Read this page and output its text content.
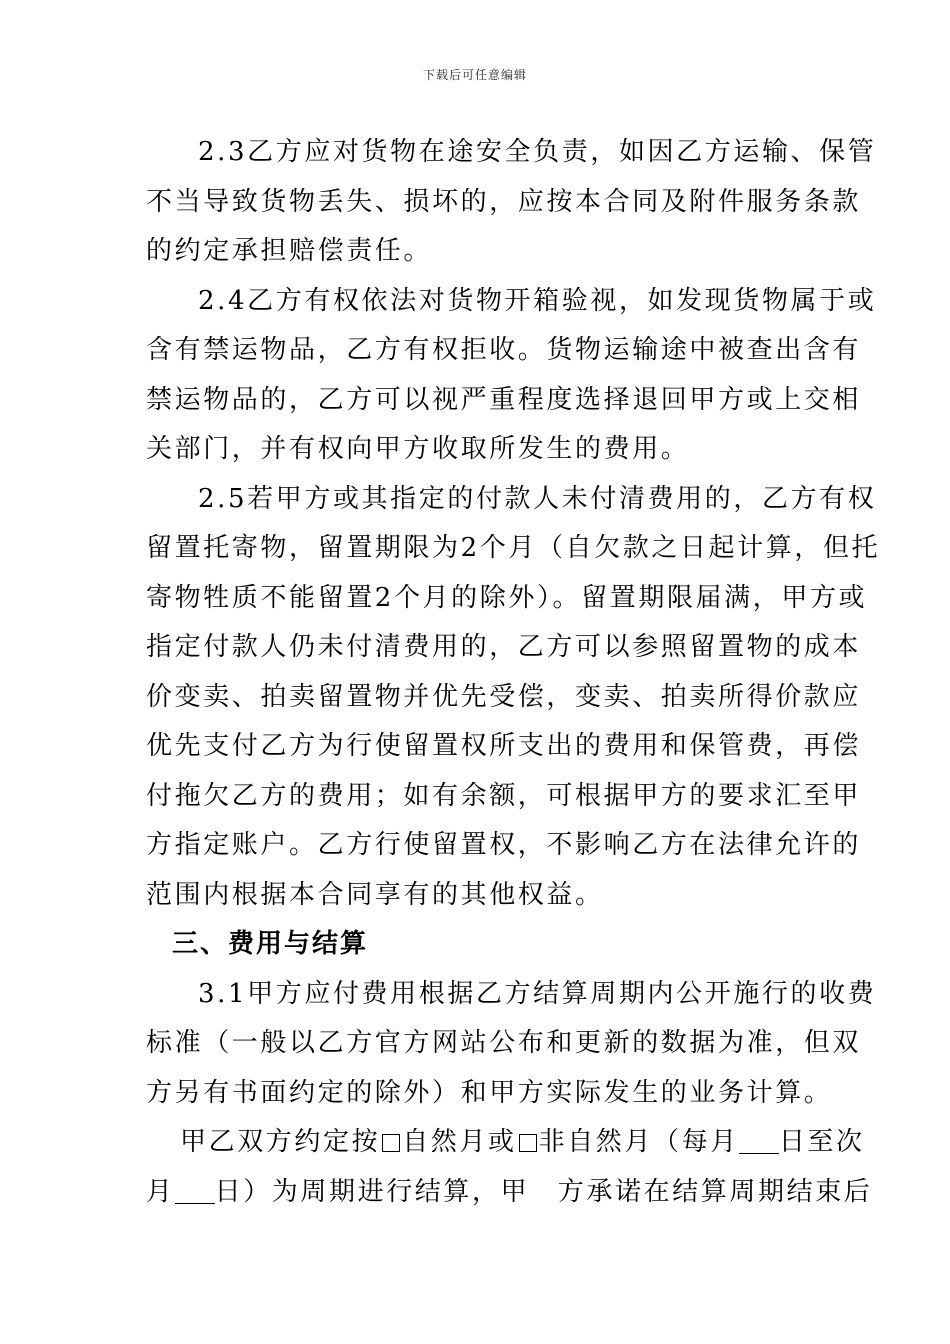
下载后可任意编辑

2.3乙方应对货物在途安全负责，如因乙方运输、保管
不当导致货物丢失、损坏的，应按本合同及附件服务条款
的约定承担赔偿责任。

2.4乙方有权依法对货物开箱验视，如发现货物属于或
含有禁运物品，乙方有权拒收。货物运输途中被查出含有
禁运物品的，乙方可以视严重程度选择退回甲方或上交相
关部门，并有权向甲方收取所发生的费用。

2.5若甲方或其指定的付款人未付清费用的，乙方有权
留置托寄物，留置期限为2个月（自欠款之日起计算，但托
寄物牲质不能留置2个月的除外）。留置期限届满，甲方或
指定付款人仍未付清费用的，乙方可以参照留置物的成本
价变卖、拍卖留置物并优先受偿，变卖、拍卖所得价款应
优先支付乙方为行使留置权所支出的费用和保管费，再偿
付拖欠乙方的费用；如有余额，可根据甲方的要求汇至甲
方指定账户。乙方行使留置权，不影响乙方在法律允许的
范围内根据本合同享有的其他权益。

三、费用与结算

3.1甲方应付费用根据乙方结算周期内公开施行的收费
标准（一般以乙方官方网站公布和更新的数据为准，但双
方另有书面约定的除外）和甲方实际发生的业务计算。

甲乙双方约定按 自然月或 非自然月（每月 日至次
月 日）为周期进行结算，甲　方承诺在结算周期结束后
